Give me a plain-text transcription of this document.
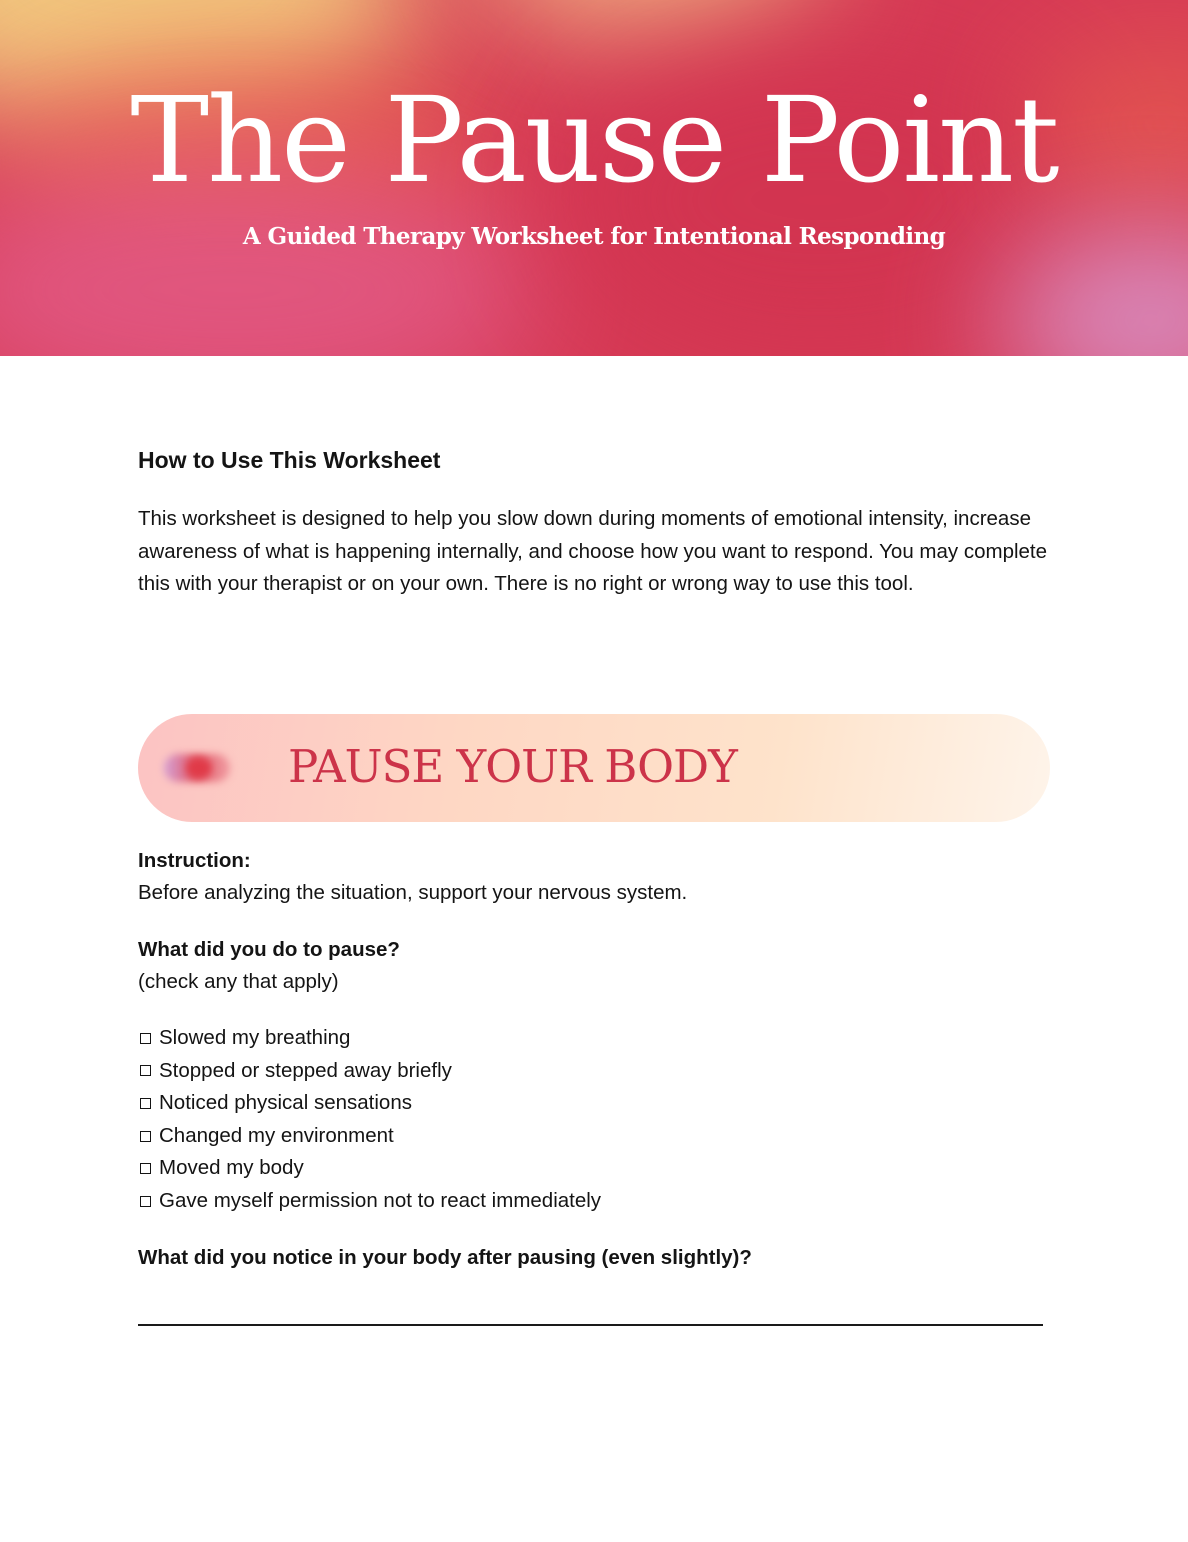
The Pause Point

A Guided Therapy Worksheet for Intentional Responding

How to Use This Worksheet

This worksheet is designed to help you slow down during moments of emotional intensity, increase awareness of what is happening internally, and choose how you want to respond. You may complete this with your therapist or on your own. There is no right or wrong way to use this tool.

PAUSE YOUR BODY

Instruction:

Before analyzing the situation, support your nervous system.

What did you do to pause?

(check any that apply)

Slowed my breathing
Stopped or stepped away briefly
Noticed physical sensations
Changed my environment
Moved my body
Gave myself permission not to react immediately

What did you notice in your body after pausing (even slightly)?
